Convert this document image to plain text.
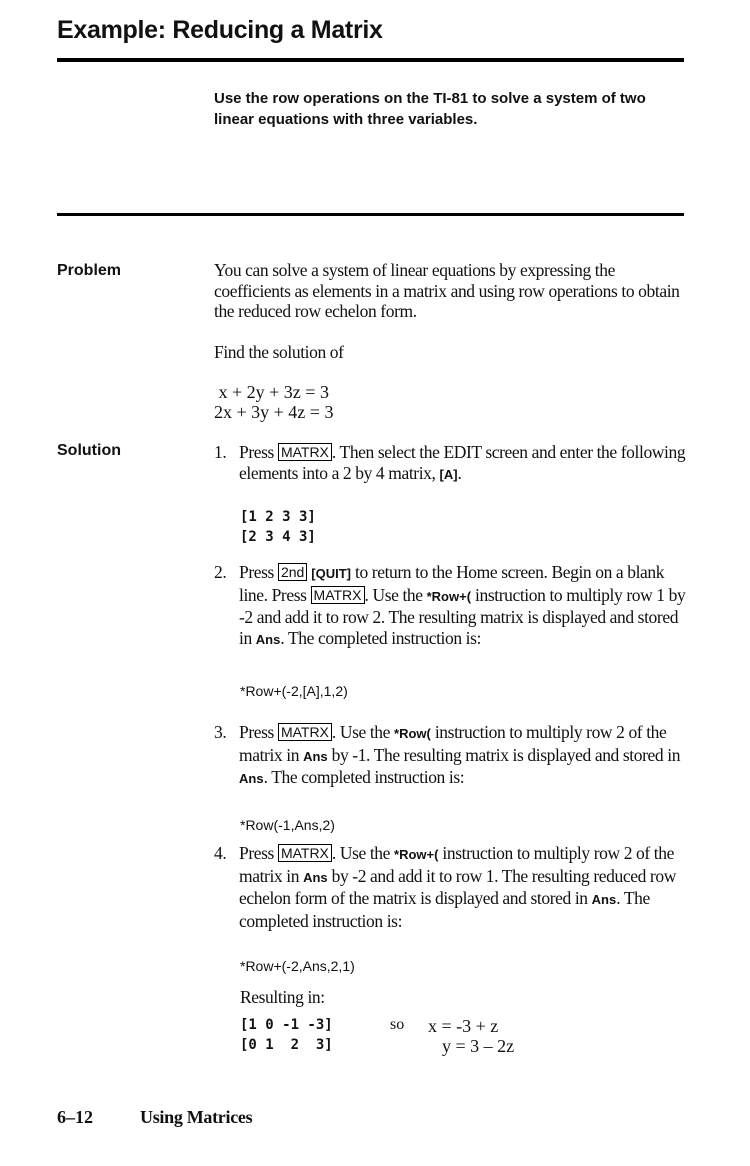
Example: Reducing a Matrix
Use the row operations on the TI-81 to solve a system of two linear equations with three variables.
Problem	You can solve a system of linear equations by expressing the coefficients as elements in a matrix and using row operations to obtain the reduced row echelon form.
Find the solution of
x + 2y + 3z = 3
2x + 3y + 4z = 3
Solution	1. Press MATRX . Then select the EDIT screen and enter the following elements into a 2 by 4 matrix, [A].
[1 2 3 3]
[2 3 4 3]
2. Press 2nd [QUIT] to return to the Home screen. Begin on a blank line. Press MATRX . Use the *Row+( instruction to multiply row 1 by -2 and add it to row 2. The resulting matrix is displayed and stored in Ans. The completed instruction is:
*Row+(-2,[A],1,2)
3. Press MATRX . Use the *Row( instruction to multiply row 2 of the matrix in Ans by -1. The resulting matrix is displayed and stored in Ans. The completed instruction is:
*Row(-1,Ans,2)
4. Press MATRX . Use the *Row+( instruction to multiply row 2 of the matrix in Ans by -2 and add it to row 1. The resulting reduced row echelon form of the matrix is displayed and stored in Ans. The completed instruction is:
*Row+(-2,Ans,2,1)
Resulting in:
[1 0 -1 -3]
[0 1  2  3]
so x = -3 + z
y = 3 – 2z
6–12	Using Matrices
